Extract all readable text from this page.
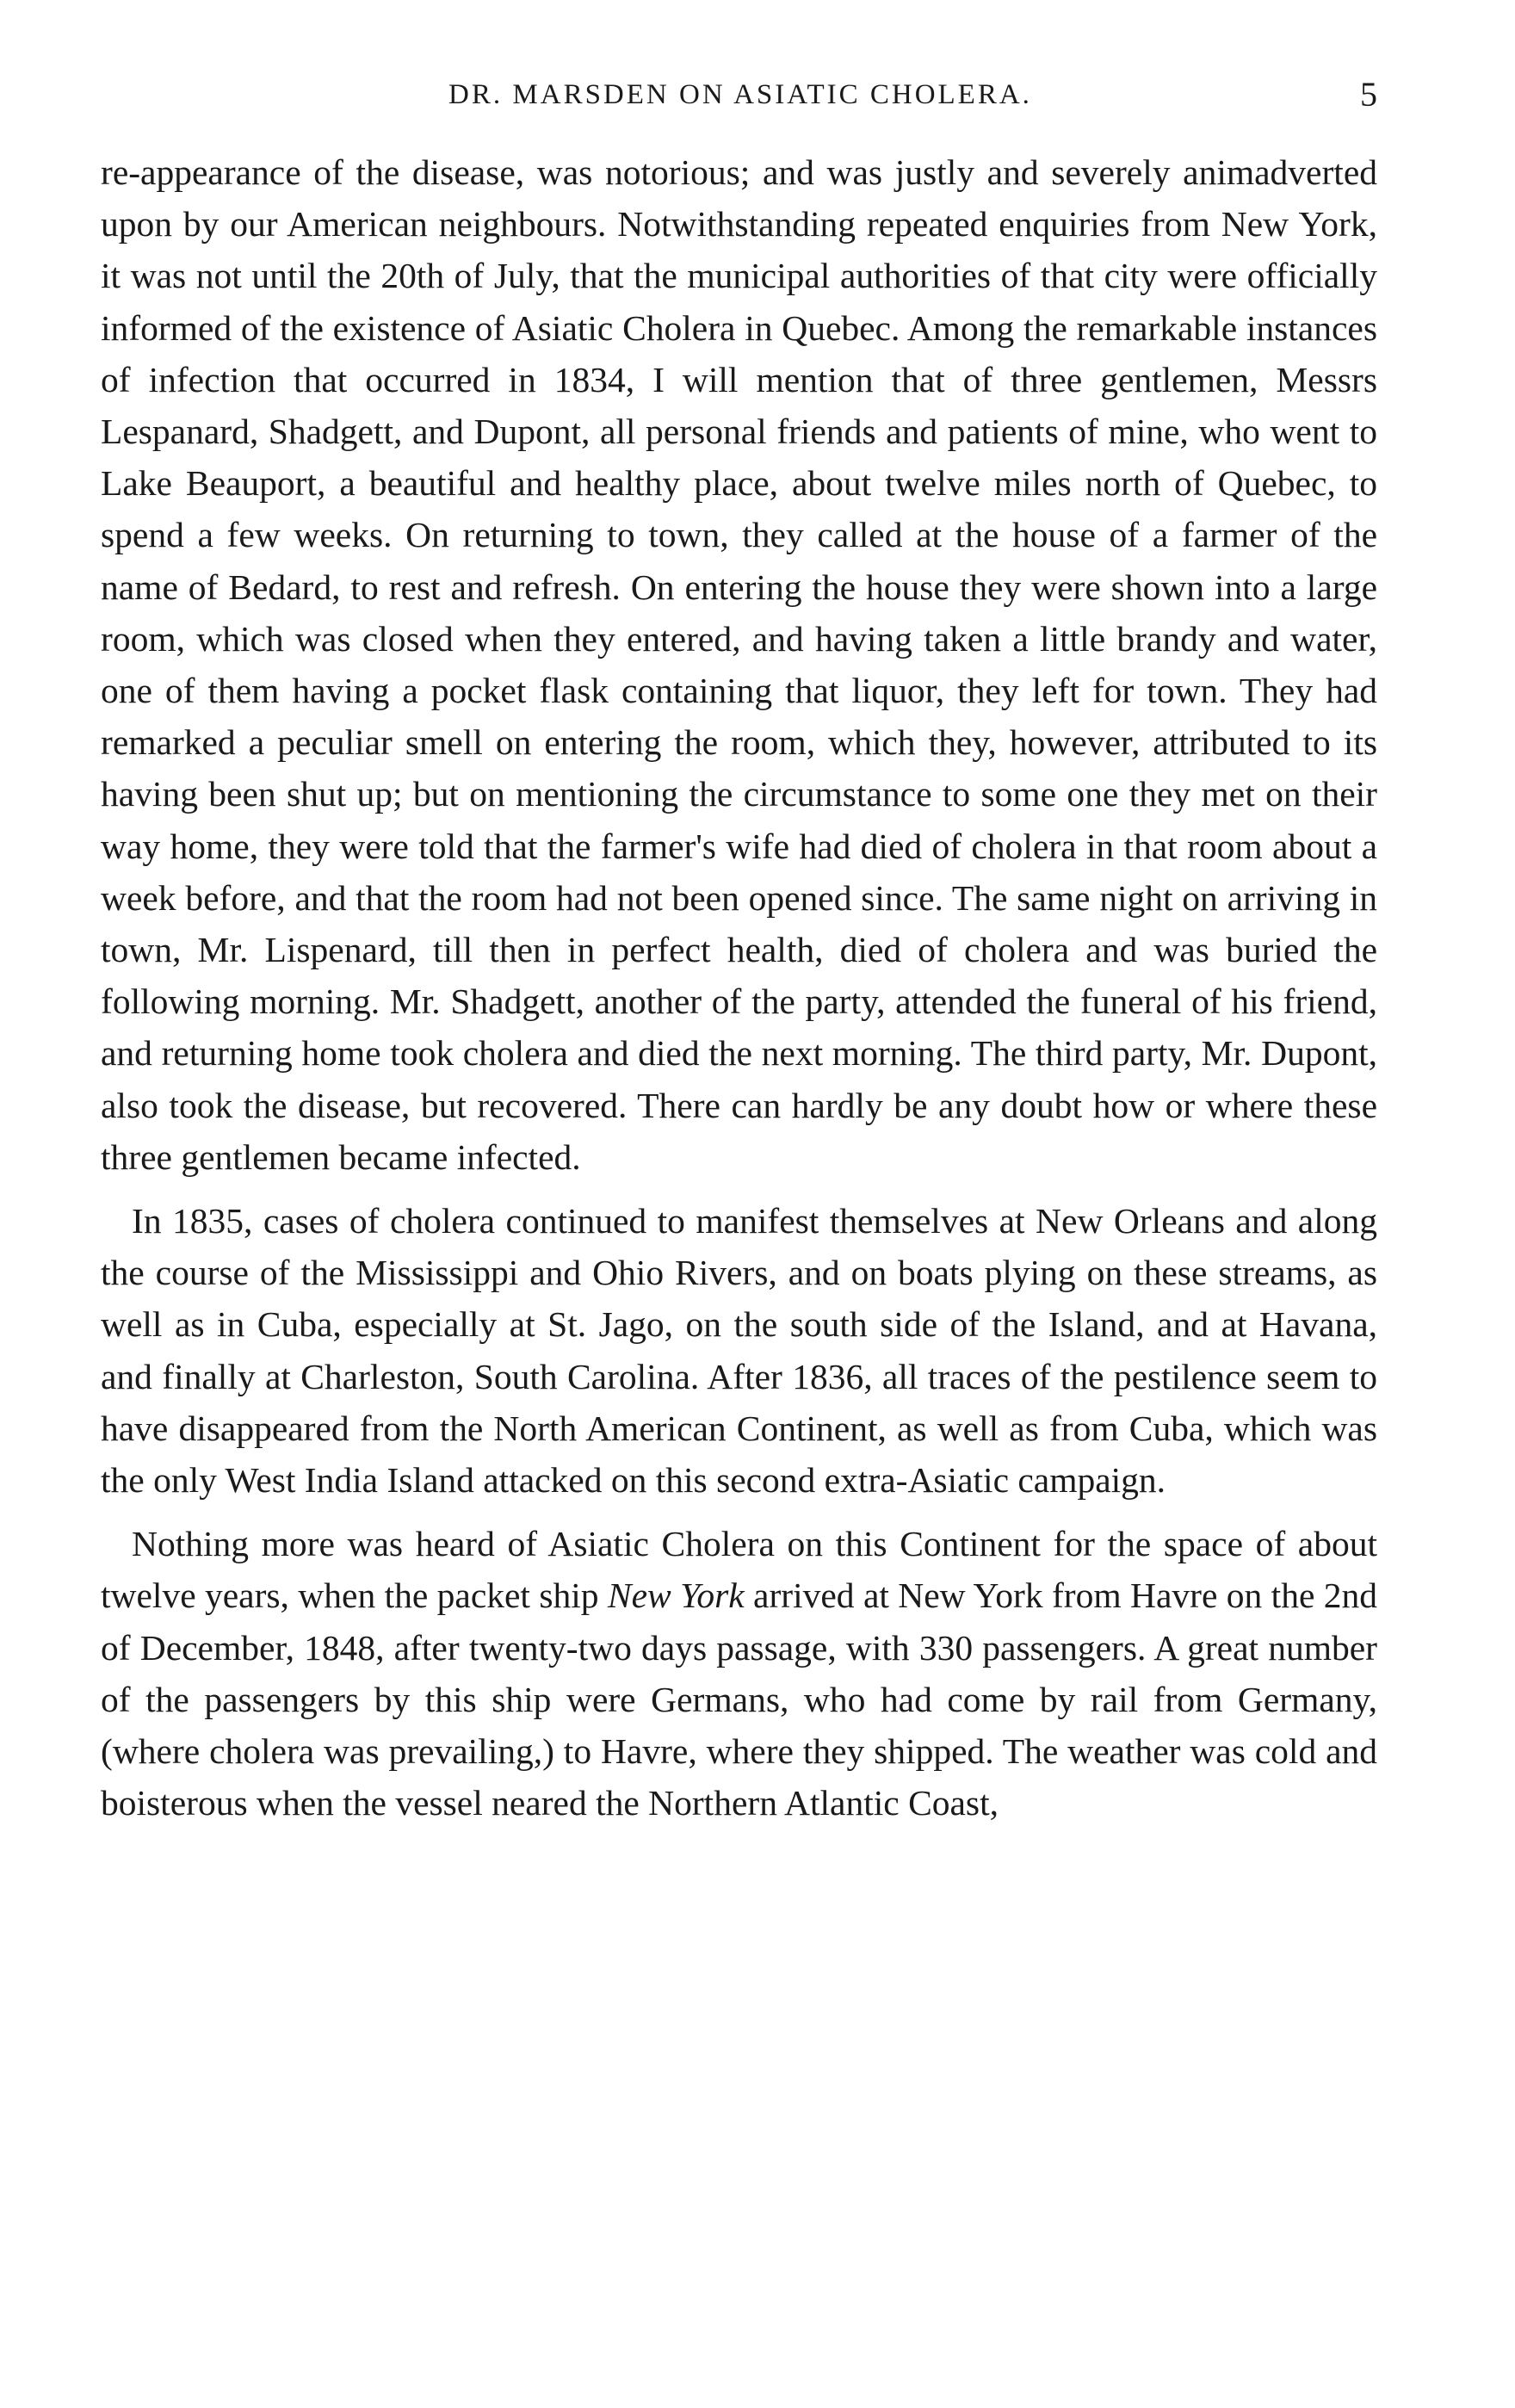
DR. MARSDEN ON ASIATIC CHOLERA.	5

re-appearance of the disease, was notorious; and was justly and severely animadverted upon by our American neighbours. Notwithstanding repeated enquiries from New York, it was not until the 20th of July, that the municipal authorities of that city were officially informed of the existence of Asiatic Cholera in Quebec. Among the remarkable instances of infection that occurred in 1834, I will mention that of three gentlemen, Messrs Lespanard, Shadgett, and Dupont, all personal friends and patients of mine, who went to Lake Beauport, a beautiful and healthy place, about twelve miles north of Quebec, to spend a few weeks. On returning to town, they called at the house of a farmer of the name of Bedard, to rest and refresh. On entering the house they were shown into a large room, which was closed when they entered, and having taken a little brandy and water, one of them having a pocket flask containing that liquor, they left for town. They had remarked a peculiar smell on entering the room, which they, however, attributed to its having been shut up; but on mentioning the circumstance to some one they met on their way home, they were told that the farmer's wife had died of cholera in that room about a week before, and that the room had not been opened since. The same night on arriving in town, Mr. Lispenard, till then in perfect health, died of cholera and was buried the following morning. Mr. Shadgett, another of the party, attended the funeral of his friend, and returning home took cholera and died the next morning. The third party, Mr. Dupont, also took the disease, but recovered. There can hardly be any doubt how or where these three gentlemen became infected.

In 1835, cases of cholera continued to manifest themselves at New Orleans and along the course of the Mississippi and Ohio Rivers, and on boats plying on these streams, as well as in Cuba, especially at St. Jago, on the south side of the Island, and at Havana, and finally at Charleston, South Carolina. After 1836, all traces of the pestilence seem to have disappeared from the North American Continent, as well as from Cuba, which was the only West India Island attacked on this second extra-Asiatic campaign.

Nothing more was heard of Asiatic Cholera on this Continent for the space of about twelve years, when the packet ship New York arrived at New York from Havre on the 2nd of December, 1848, after twenty-two days passage, with 330 passengers. A great number of the passengers by this ship were Germans, who had come by rail from Germany, (where cholera was prevailing,) to Havre, where they shipped. The weather was cold and boisterous when the vessel neared the Northern Atlantic Coast,
